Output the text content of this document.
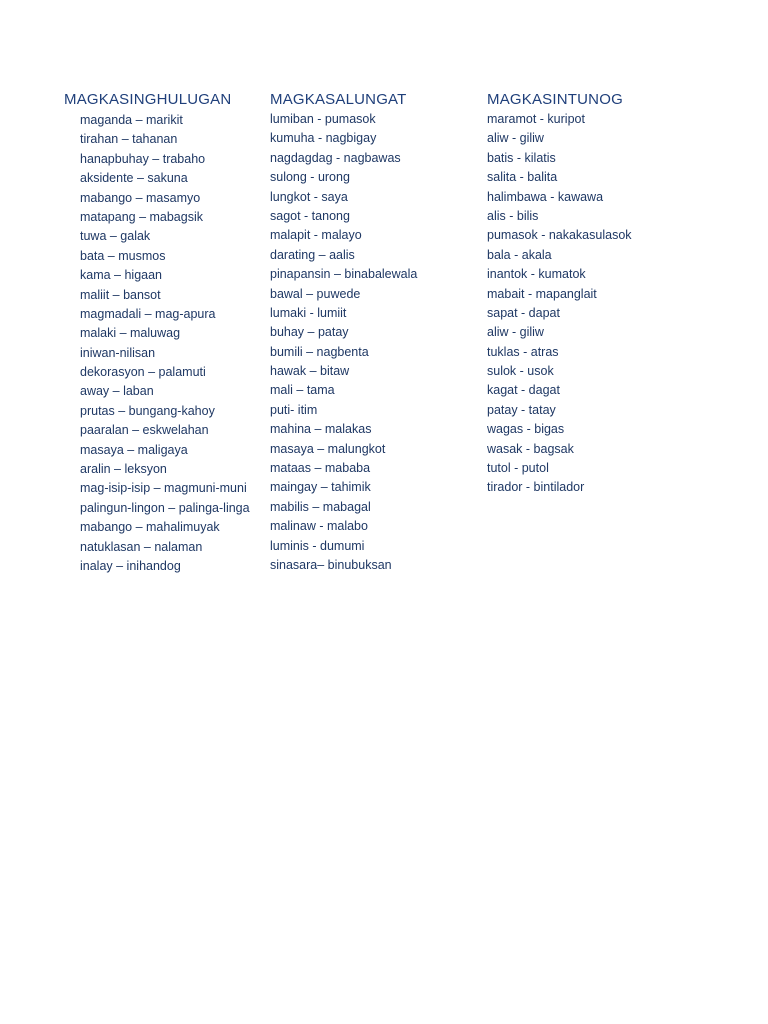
MAGKASINGHULUGAN
maganda – marikit
tirahan – tahanan
hanapbuhay – trabaho
aksidente – sakuna
mabango – masamyo
matapang – mabagsik
tuwa – galak
bata – musmos
kama – higaan
maliit – bansot
magmadali – mag-apura
malaki – maluwag
iniwan-nilisan
dekorasyon – palamuti
away – laban
prutas – bungang-kahoy
paaralan – eskwelahan
masaya – maligaya
aralin – leksyon
mag-isip-isip – magmuni-muni
palingun-lingon – palinga-linga
mabango – mahalimuyak
natuklasan – nalaman
inalay – inihandog
MAGKASALUNGAT
lumiban - pumasok
kumuha - nagbigay
nagdagdag - nagbawas
sulong - urong
lungkot - saya
sagot - tanong
malapit - malayo
darating – aalis
pinapansin – binabalewala
bawal – puwede
lumaki - lumiit
buhay – patay
bumili – nagbenta
hawak – bitaw
mali – tama
puti- itim
mahina – malakas
masaya – malungkot
mataas – mababa
maingay – tahimik
mabilis – mabagal
malinaw - malabo
luminis - dumumi
sinasara– binubuksan
MAGKASINTUNOG
maramot - kuripot
aliw - giliw
batis - kilatis
salita - balita
halimbawa - kawawa
alis - bilis
pumasok - nakakasulasok
bala - akala
inantok - kumatok
mabait - mapanglait
sapat - dapat
aliw - giliw
tuklas - atras
sulok - usok
kagat - dagat
patay - tatay
wagas - bigas
wasak - bagsak
tutol - putol
tirador - bintilador
